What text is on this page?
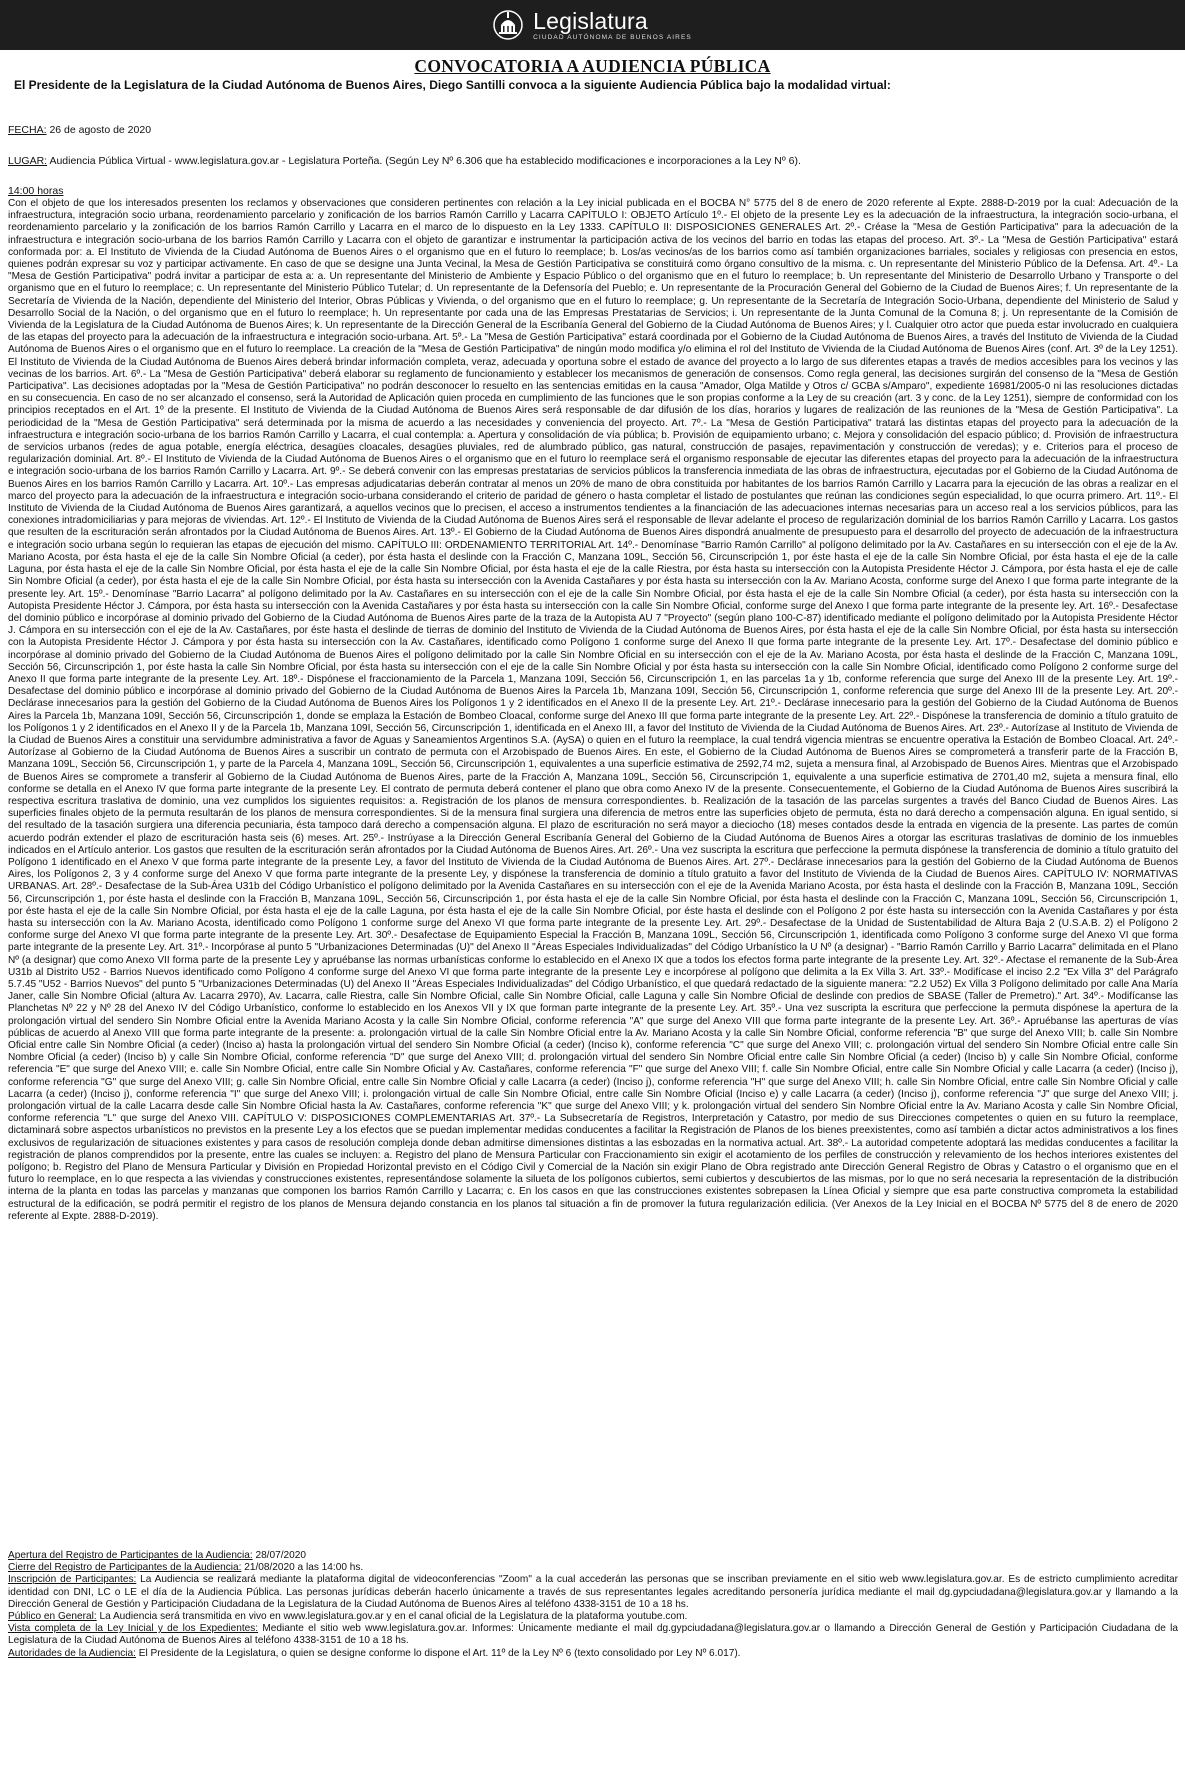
Legislatura
CIUDAD AUTÓNOMA DE BUENOS AIRES
CONVOCATORIA A AUDIENCIA PÚBLICA
El Presidente de la Legislatura de la Ciudad Autónoma de Buenos Aires, Diego Santilli convoca a la siguiente Audiencia Pública bajo la modalidad virtual:
FECHA: 26 de agosto de 2020
LUGAR: Audiencia Pública Virtual - www.legislatura.gov.ar - Legislatura Porteña. (Según Ley Nº 6.306 que ha establecido modificaciones e incorporaciones a la Ley Nº 6).
14:00 horas
Con el objeto de que los interesados presenten los reclamos y observaciones que consideren pertinentes con relación a la Ley inicial publicada en el BOCBA N° 5775 del 8 de enero de 2020 referente al Expte. 2888-D-2019 por la cual: Adecuación de la infraestructura, integración socio urbana, reordenamiento parcelario y zonificación de los barrios Ramón Carrillo y Lacarra CAPÍTULO I: OBJETO Artículo 1º.- El objeto de la presente Ley es la adecuación de la infraestructura, la integración socio-urbana, el reordenamiento parcelario y la zonificación de los barrios Ramón Carrillo y Lacarra en el marco de lo dispuesto en la Ley 1333. CAPÍTULO II: DISPOSICIONES GENERALES Art. 2º.- Créase la "Mesa de Gestión Participativa" para la adecuación de la infraestructura e integración socio-urbana de los barrios Ramón Carrillo y Lacarra con el objeto de garantizar e instrumentar la participación activa de los vecinos del barrio en todas las etapas del proceso. Art. 3º.- La "Mesa de Gestión Participativa" estará conformada por: a. El Instituto de Vivienda de la Ciudad Autónoma de Buenos Aires o el organismo que en el futuro lo reemplace; b. Los/as vecinos/as de los barrios como así también organizaciones barriales, sociales y religiosas con presencia en estos, quienes podrán expresar su voz y participar activamente. En caso de que se designe una Junta Vecinal, la Mesa de Gestión Participativa se constituirá como órgano consultivo de la misma. c. Un representante del Ministerio Público de la Defensa. Art. 4º.- La "Mesa de Gestión Participativa" podrá invitar a participar de esta a: a. Un representante del Ministerio de Ambiente y Espacio Público o del organismo que en el futuro lo reemplace; b. Un representante del Ministerio de Desarrollo Urbano y Transporte o del organismo que en el futuro lo reemplace; c. Un representante del Ministerio Público Tutelar; d. Un representante de la Defensoría del Pueblo; e. Un representante de la Procuración General del Gobierno de la Ciudad de Buenos Aires; f. Un representante de la Secretaría de Vivienda de la Nación, dependiente del Ministerio del Interior, Obras Públicas y Vivienda, o del organismo que en el futuro lo reemplace; g. Un representante de la Secretaría de Integración Socio-Urbana, dependiente del Ministerio de Salud y Desarrollo Social de la Nación, o del organismo que en el futuro lo reemplace; h. Un representante por cada una de las Empresas Prestatarias de Servicios; i. Un representante de la Junta Comunal de la Comuna 8; j. Un representante de la Comisión de Vivienda de la Legislatura de la Ciudad Autónoma de Buenos Aires; k. Un representante de la Dirección General de la Escribanía General del Gobierno de la Ciudad Autónoma de Buenos Aires; y l. Cualquier otro actor que pueda estar involucrado en cualquiera de las etapas del proyecto para la adecuación de la infraestructura e integración socio-urbana. Art. 5º.- La "Mesa de Gestión Participativa" estará coordinada por el Gobierno de la Ciudad Autónoma de Buenos Aires, a través del Instituto de Vivienda de la Ciudad Autónoma de Buenos Aires o el organismo que en el futuro lo reemplace. La creación de la "Mesa de Gestión Participativa" de ningún modo modifica y/o elimina el rol del Instituto de Vivienda de la Ciudad Autónoma de Buenos Aires (conf. Art. 3º de la Ley 1251). El Instituto de Vivienda de la Ciudad Autónoma de Buenos Aires deberá brindar información completa, veraz, adecuada y oportuna sobre el estado de avance del proyecto a lo largo de sus diferentes etapas a través de medios accesibles para los vecinos y las vecinas de los barrios. Art. 6º.- La "Mesa de Gestión Participativa" deberá elaborar su reglamento de funcionamiento y establecer los mecanismos de generación de consensos. Como regla general, las decisiones surgirán del consenso de la "Mesa de Gestión Participativa". Las decisiones adoptadas por la "Mesa de Gestión Participativa" no podrán desconocer lo resuelto en las sentencias emitidas en la causa "Amador, Olga Matilde y Otros c/ GCBA s/Amparo", expediente 16981/2005-0 ni las resoluciones dictadas en su consecuencia. En caso de no ser alcanzado el consenso, será la Autoridad de Aplicación quien proceda en cumplimiento de las funciones que le son propias conforme a la Ley de su creación (art. 3 y conc. de la Ley 1251), siempre de conformidad con los principios receptados en el Art. 1º de la presente. El Instituto de Vivienda de la Ciudad Autónoma de Buenos Aires será responsable de dar difusión de los días, horarios y lugares de realización de las reuniones de la "Mesa de Gestión Participativa". La periodicidad de la "Mesa de Gestión Participativa" será determinada por la misma de acuerdo a las necesidades y conveniencia del proyecto. Art. 7º.- La "Mesa de Gestión Participativa" tratará las distintas etapas del proyecto para la adecuación de la infraestructura e integración socio-urbana de los barrios Ramón Carrillo y Lacarra, el cual contempla: a. Apertura y consolidación de vía pública; b. Provisión de equipamiento urbano; c. Mejora y consolidación del espacio público; d. Provisión de infraestructura de servicios urbanos (redes de agua potable, energía eléctrica, desagües cloacales, desagües pluviales, red de alumbrado público, gas natural, construcción de pasajes, repavimentación y construcción de veredas); y e. Criterios para el proceso de regularización dominial. Art. 8º.- El Instituto de Vivienda de la Ciudad Autónoma de Buenos Aires o el organismo que en el futuro lo reemplace será el organismo responsable de ejecutar las diferentes etapas del proyecto para la adecuación de la infraestructura e integración socio-urbana de los barrios Ramón Carrillo y Lacarra. Art. 9º.- Se deberá convenir con las empresas prestatarias de servicios públicos la transferencia inmediata de las obras de infraestructura, ejecutadas por el Gobierno de la Ciudad Autónoma de Buenos Aires en los barrios Ramón Carrillo y Lacarra. Art. 10º.- Las empresas adjudicatarias deberán contratar al menos un 20% de mano de obra constituida por habitantes de los barrios Ramón Carrillo y Lacarra para la ejecución de las obras a realizar en el marco del proyecto para la adecuación de la infraestructura e integración socio-urbana considerando el criterio de paridad de género o hasta completar el listado de postulantes que reúnan las condiciones según especialidad, lo que ocurra primero. Art. 11º.- El Instituto de Vivienda de la Ciudad Autónoma de Buenos Aires garantizará, a aquellos vecinos que lo precisen, el acceso a instrumentos tendientes a la financiación de las adecuaciones internas necesarias para un acceso real a los servicios públicos, para las conexiones intradomiciliarias y para mejoras de viviendas. Art. 12º.- El Instituto de Vivienda de la Ciudad Autónoma de Buenos Aires será el responsable de llevar adelante el proceso de regularización dominial de los barrios Ramón Carrillo y Lacarra. Los gastos que resulten de la escrituración serán afrontados por la Ciudad Autónoma de Buenos Aires. Art. 13º.- El Gobierno de la Ciudad Autónoma de Buenos Aires dispondrá anualmente de presupuesto para el desarrollo del proyecto de adecuación de la infraestructura e integración socio urbana según lo requieran las etapas de ejecución del mismo. CAPÍTULO III: ORDENAMIENTO TERRITORIAL Art. 14º.- Denomínase "Barrio Ramón Carrillo" al polígono delimitado por la Av. Castañares en su intersección con el eje de la Av. Mariano Acosta, por ésta hasta el eje de la calle Sin Nombre Oficial (a ceder), por ésta hasta el deslinde con la Fracción C, Manzana 109L, Sección 56, Circunscripción 1, por éste hasta el eje de la calle Sin Nombre Oficial, por ésta hasta el eje de la calle Laguna, por ésta hasta el eje de la calle Sin Nombre Oficial, por ésta hasta el eje de la calle Sin Nombre Oficial, por ésta hasta el eje de la calle Riestra, por ésta hasta su intersección con la Autopista Presidente Héctor J. Cámpora, por ésta hasta el eje de calle Sin Nombre Oficial (a ceder), por ésta hasta el eje de la calle Sin Nombre Oficial, por ésta hasta su intersección con la Avenida Castañares y por ésta hasta su intersección con la Av. Mariano Acosta, conforme surge del Anexo I que forma parte integrante de la presente ley. Art. 15º.- Denomínase "Barrio Lacarra" al polígono delimitado por la Av. Castañares en su intersección con el eje de la calle Sin Nombre Oficial, por ésta hasta el eje de la calle Sin Nombre Oficial (a ceder), por ésta hasta su intersección con la Autopista Presidente Héctor J. Cámpora, por ésta hasta su intersección con la Avenida Castañares y por ésta hasta su intersección con la calle Sin Nombre Oficial, conforme surge del Anexo I que forma parte integrante de la presente ley. Art. 16º.- Desafectase del dominio público e incorpórase al dominio privado del Gobierno de la Ciudad Autónoma de Buenos Aires parte de la traza de la Autopista AU 7 "Proyecto" (según plano 100-C-87) identificado mediante el polígono delimitado por la Autopista Presidente Héctor J. Cámpora en su intersección con el eje de la Av. Castañares, por éste hasta el deslinde de tierras de dominio del Instituto de Vivienda de la Ciudad Autónoma de Buenos Aires, por ésta hasta el eje de la calle Sin Nombre Oficial, por ésta hasta su intersección con la Autopista Presidente Héctor J. Cámpora y por ésta hasta su intersección con la Av. Castañares, identificado como Polígono 1 conforme surge del Anexo II que forma parte integrante de la presente Ley. Art. 17º.- Desafectase del dominio público e incorpórase al dominio privado del Gobierno de la Ciudad Autónoma de Buenos Aires el polígono delimitado por la calle Sin Nombre Oficial en su intersección con el eje de la Av. Mariano Acosta, por ésta hasta el deslinde de la Fracción C, Manzana 109L, Sección 56, Circunscripción 1, por éste hasta la calle Sin Nombre Oficial, por ésta hasta su intersección con el eje de la calle Sin Nombre Oficial y por ésta hasta su intersección con la calle Sin Nombre Oficial, identificado como Polígono 2 conforme surge del Anexo II que forma parte integrante de la presente Ley. Art. 18º.- Dispónese el fraccionamiento de la Parcela 1, Manzana 109I, Sección 56, Circunscripción 1, en las parcelas 1a y 1b, conforme referencia que surge del Anexo III de la presente Ley. Art. 19º.- Desafectase del dominio público e incorpórase al dominio privado del Gobierno de la Ciudad Autónoma de Buenos Aires la Parcela 1b, Manzana 109I, Sección 56, Circunscripción 1, conforme referencia que surge del Anexo III de la presente Ley. Art. 20º.- Declárase innecesarios para la gestión del Gobierno de la Ciudad Autónoma de Buenos Aires los Polígonos 1 y 2 identificados en el Anexo II de la presente Ley. Art. 21º.- Declárase innecesario para la gestión del Gobierno de la Ciudad Autónoma de Buenos Aires la Parcela 1b, Manzana 109I, Sección 56, Circunscripción 1, donde se emplaza la Estación de Bombeo Cloacal, conforme surge del Anexo III que forma parte integrante de la presente Ley. Art. 22º.- Dispónese la transferencia de dominio a título gratuito de los Polígonos 1 y 2 identificados en el Anexo II y de la Parcela 1b, Manzana 109I, Sección 56, Circunscripción 1, identificada en el Anexo III, a favor del Instituto de Vivienda de la Ciudad Autónoma de Buenos Aires. Art. 23º.- Autorízase al Instituto de Vivienda de la Ciudad de Buenos Aires a constituir una servidumbre administrativa a favor de Aguas y Saneamientos Argentinos S.A. (AySA) o quien en el futuro la reemplace, la cual tendrá vigencia mientras se encuentre operativa la Estación de Bombeo Cloacal. Art. 24º.- Autorízase al Gobierno de la Ciudad Autónoma de Buenos Aires a suscribir un contrato de permuta con el Arzobispado de Buenos Aires. En este, el Gobierno de la Ciudad Autónoma de Buenos Aires se comprometerá a transferir parte de la Fracción B, Manzana 109L, Sección 56, Circunscripción 1, y parte de la Parcela 4, Manzana 109L, Sección 56, Circunscripción 1, equivalentes a una superficie estimativa de 2592,74 m2, sujeta a mensura final, al Arzobispado de Buenos Aires. Mientras que el Arzobispado de Buenos Aires se compromete a transferir al Gobierno de la Ciudad Autónoma de Buenos Aires, parte de la Fracción A, Manzana 109L, Sección 56, Circunscripción 1, equivalente a una superficie estimativa de 2701,40 m2, sujeta a mensura final, ello conforme se detalla en el Anexo IV que forma parte integrante de la presente Ley. El contrato de permuta deberá contener el plano que obra como Anexo IV de la presente. Consecuentemente, el Gobierno de la Ciudad Autónoma de Buenos Aires suscribirá la respectiva escritura traslativa de dominio, una vez cumplidos los siguientes requisitos: a. Registración de los planos de mensura correspondientes. b. Realización de la tasación de las parcelas surgentes a través del Banco Ciudad de Buenos Aires. Las superficies finales objeto de la permuta resultarán de los planos de mensura correspondientes. Si de la mensura final surgiera una diferencia de metros entre las superficies objeto de permuta, ésta no dará derecho a compensación alguna. En igual sentido, si del resultado de la tasación surgiera una diferencia pecuniaria, ésta tampoco dará derecho a compensación alguna. El plazo de escrituración no será mayor a dieciocho (18) meses contados desde la entrada en vigencia de la presente. Las partes de común acuerdo podrán extender el plazo de escrituración hasta seis (6) meses. Art. 25º.- Instrúyase a la Dirección General Escribanía General del Gobierno de la Ciudad Autónoma de Buenos Aires a otorgar las escrituras traslativas de dominio de los inmuebles indicados en el Artículo anterior. Los gastos que resulten de la escrituración serán afrontados por la Ciudad Autónoma de Buenos Aires. Art. 26º.- Una vez suscripta la escritura que perfeccione la permuta dispónese la transferencia de dominio a título gratuito del Polígono 1 identificado en el Anexo V que forma parte integrante de la presente Ley, a favor del Instituto de Vivienda de la Ciudad Autónoma de Buenos Aires. Art. 27º.- Declárase innecesarios para la gestión del Gobierno de la Ciudad Autónoma de Buenos Aires, los Polígonos 2, 3 y 4 conforme surge del Anexo V que forma parte integrante de la presente Ley, y dispónese la transferencia de dominio a título gratuito a favor del Instituto de Vivienda de la Ciudad de Buenos Aires. CAPÍTULO IV: NORMATIVAS URBANAS. Art. 28º.- Desafectase de la Sub-Área U31b del Código Urbanístico el polígono delimitado por la Avenida Castañares en su intersección con el eje de la Avenida Mariano Acosta, por ésta hasta el deslinde con la Fracción B, Manzana 109L, Sección 56, Circunscripción 1, por éste hasta el deslinde con la Fracción B, Manzana 109L, Sección 56, Circunscripción 1, por ésta hasta el eje de la calle Sin Nombre Oficial, por ésta hasta el deslinde con la Fracción C, Manzana 109L, Sección 56, Circunscripción 1, por éste hasta el eje de la calle Sin Nombre Oficial, por ésta hasta el eje de la calle Laguna, por ésta hasta el eje de la calle Sin Nombre Oficial, por éste hasta el deslinde con el Polígono 2 por éste hasta su intersección con la Avenida Castañares y por ésta hasta su intersección con la Av. Mariano Acosta, identificado como Polígono 1 conforme surge del Anexo VI que forma parte integrante de la presente Ley. Art. 29º.- Desafectase de la Unidad de Sustentabilidad de Altura Baja 2 (U.S.A.B. 2) el Polígono 2 conforme surge del Anexo VI que forma parte integrante de la presente Ley. Art. 30º.- Desafectase de Equipamiento Especial la Fracción B, Manzana 109L, Sección 56, Circunscripción 1, identificada como Polígono 3 conforme surge del Anexo VI que forma parte integrante de la presente Ley. Art. 31º.- Incorpórase al punto 5 "Urbanizaciones Determinadas (U)" del Anexo II "Áreas Especiales Individualizadas" del Código Urbanístico la U Nº (a designar) - "Barrio Ramón Carrillo y Barrio Lacarra" delimitada en el Plano Nº (a designar) que como Anexo VII forma parte de la presente Ley y apruébanse las normas urbanísticas conforme lo establecido en el Anexo IX que a todos los efectos forma parte integrante de la presente Ley. Art. 32º.- Afectase el remanente de la Sub-Área U31b al Distrito U52 - Barrios Nuevos identificado como Polígono 4 conforme surge del Anexo VI que forma parte integrante de la presente Ley e incorpórese al polígono que delimita a la Ex Villa 3. Art. 33º.- Modifícase el inciso 2.2 "Ex Villa 3" del Parágrafo 5.7.45 "U52 - Barrios Nuevos" del punto 5 "Urbanizaciones Determinadas (U) del Anexo II "Áreas Especiales Individualizadas" del Código Urbanístico, el que quedará redactado de la siguiente manera: "2.2 U52) Ex Villa 3 Polígono delimitado por calle Ana María Janer, calle Sin Nombre Oficial (altura Av. Lacarra 2970), Av. Lacarra, calle Riestra, calle Sin Nombre Oficial, calle Sin Nombre Oficial, calle Laguna y calle Sin Nombre Oficial de deslinde con predios de SBASE (Taller de Premetro)." Art. 34º.- Modifícanse las Planchetas Nº 22 y Nº 28 del Anexo IV del Código Urbanístico, conforme lo establecido en los Anexos VII y IX que forman parte integrante de la presente Ley. Art. 35º.- Una vez suscripta la escritura que perfeccione la permuta dispónese la apertura de la prolongación virtual del sendero Sin Nombre Oficial entre la Avenida Mariano Acosta y la calle Sin Nombre Oficial, conforme referencia "A" que surge del Anexo VIII que forma parte integrante de la presente Ley. Art. 36º.- Apruébanse las aperturas de vías públicas de acuerdo al Anexo VIII que forma parte integrante de la presente: a. prolongación virtual de la calle Sin Nombre Oficial entre la Av. Mariano Acosta y la calle Sin Nombre Oficial, conforme referencia "B" que surge del Anexo VIII; b. calle Sin Nombre Oficial entre calle Sin Nombre Oficial (a ceder) (Inciso a) hasta la prolongación virtual del sendero Sin Nombre Oficial (a ceder) (Inciso k), conforme referencia "C" que surge del Anexo VIII; c. prolongación virtual del sendero Sin Nombre Oficial entre calle Sin Nombre Oficial (a ceder) (Inciso b) y calle Sin Nombre Oficial, conforme referencia "D" que surge del Anexo VIII; d. prolongación virtual del sendero Sin Nombre Oficial entre calle Sin Nombre Oficial (a ceder) (Inciso b) y calle Sin Nombre Oficial, conforme referencia "E" que surge del Anexo VIII; e. calle Sin Nombre Oficial, entre calle Sin Nombre Oficial y Av. Castañares, conforme referencia "F" que surge del Anexo VIII; f. calle Sin Nombre Oficial, entre calle Sin Nombre Oficial y calle Lacarra (a ceder) (Inciso j), conforme referencia "G" que surge del Anexo VIII; g. calle Sin Nombre Oficial, entre calle Sin Nombre Oficial y calle Lacarra (a ceder) (Inciso j), conforme referencia "H" que surge del Anexo VIII; h. calle Sin Nombre Oficial, entre calle Sin Nombre Oficial y calle Lacarra (a ceder) (Inciso j), conforme referencia "I" que surge del Anexo VIII; i. prolongación virtual de calle Sin Nombre Oficial, entre calle Sin Nombre Oficial (Inciso e) y calle Lacarra (a ceder) (Inciso j), conforme referencia "J" que surge del Anexo VIII; j. prolongación virtual de la calle Lacarra desde calle Sin Nombre Oficial hasta la Av. Castañares, conforme referencia "K" que surge del Anexo VIII; y k. prolongación virtual del sendero Sin Nombre Oficial entre la Av. Mariano Acosta y calle Sin Nombre Oficial, conforme referencia "L" que surge del Anexo VIII. CAPÍTULO V: DISPOSICIONES COMPLEMENTARIAS Art. 37º.- La Subsecretaría de Registros, Interpretación y Catastro, por medio de sus Direcciones competentes o quien en su futuro la reemplace, dictaminará sobre aspectos urbanísticos no previstos en la presente Ley a los efectos que se puedan implementar medidas conducentes a facilitar la Registración de Planos de los bienes preexistentes, como así también a dictar actos administrativos a los fines exclusivos de regularización de situaciones existentes y para casos de resolución compleja donde deban admitirse dimensiones distintas a las esbozadas en la normativa actual. Art. 38º.- La autoridad competente adoptará las medidas conducentes a facilitar la registración de planos comprendidos por la presente, entre las cuales se incluyen: a. Registro del plano de Mensura Particular con Fraccionamiento sin exigir el acotamiento de los perfiles de construcción y relevamiento de los hechos interiores existentes del polígono; b. Registro del Plano de Mensura Particular y División en Propiedad Horizontal previsto en el Código Civil y Comercial de la Nación sin exigir Plano de Obra registrado ante Dirección General Registro de Obras y Catastro o el organismo que en el futuro lo reemplace, en lo que respecta a las viviendas y construcciones existentes, representándose solamente la silueta de los polígonos cubiertos, semi cubiertos y descubiertos de las mismas, por lo que no será necesaria la representación de la distribución interna de la planta en todas las parcelas y manzanas que componen los barrios Ramón Carrillo y Lacarra; c. En los casos en que las construcciones existentes sobrepasen la Línea Oficial y siempre que esa parte constructiva comprometa la estabilidad estructural de la edificación, se podrá permitir el registro de los planos de Mensura dejando constancia en los planos tal situación a fin de promover la futura regularización edilicia. (Ver Anexos de la Ley Inicial en el BOCBA Nº 5775 del 8 de enero de 2020 referente al Expte. 2888-D-2019).

Apertura del Registro de Participantes de la Audiencia: 28/07/2020

Cierre del Registro de Participantes de la Audiencia: 21/08/2020 a las 14:00 hs.

Inscripción de Participantes: La Audiencia se realizará mediante la plataforma digital de videoconferencias "Zoom" a la cual accederán las personas que se inscriban previamente en el sitio web www.legislatura.gov.ar. Es de estricto cumplimiento acreditar identidad con DNI, LC o LE el día de la Audiencia Pública. Las personas jurídicas deberán hacerlo únicamente a través de sus representantes legales acreditando personería jurídica mediante el mail dg.gypciudadana@legislatura.gov.ar y llamando a la Dirección General de Gestión y Participación Ciudadana de la Legislatura de la Ciudad Autónoma de Buenos Aires al teléfono 4338-3151 de 10 a 18 hs.

Público en General: La Audiencia será transmitida en vivo en www.legislatura.gov.ar y en el canal oficial de la Legislatura de la plataforma youtube.com.

Vista completa de la Ley Inicial y de los Expedientes: Mediante el sitio web www.legislatura.gov.ar. Informes: Únicamente mediante el mail dg.gypciudadana@legislatura.gov.ar o llamando a Dirección General de Gestión y Participación Ciudadana de la Legislatura de la Ciudad Autónoma de Buenos Aires al teléfono 4338-3151 de 10 a 18 hs.

Autoridades de la Audiencia: El Presidente de la Legislatura, o quien se designe conforme lo dispone el Art. 11º de la Ley Nº 6 (texto consolidado por Ley Nº 6.017).
